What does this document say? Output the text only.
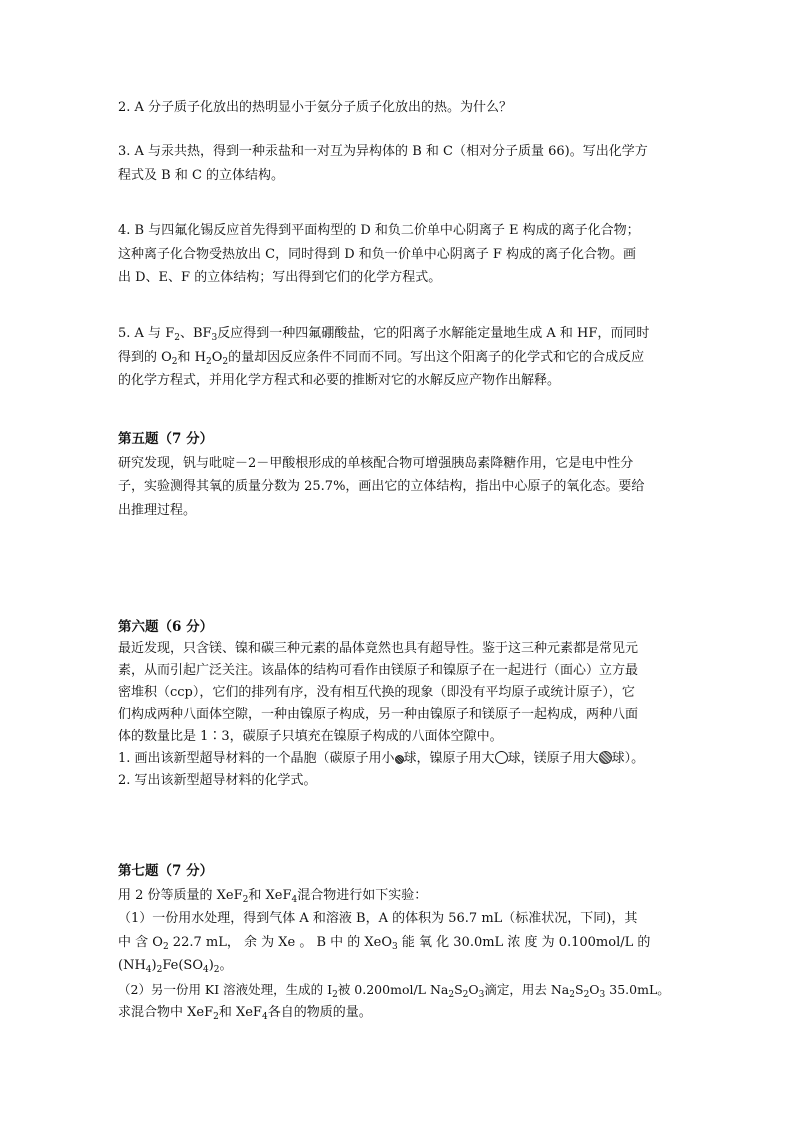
2. A 分子质子化放出的热明显小于氨分子质子化放出的热。为什么？
3. A 与汞共热，得到一种汞盐和一对互为异构体的 B 和 C（相对分子质量 66)。写出化学方
程式及 B 和 C 的立体结构。
4. B 与四氟化锡反应首先得到平面构型的 D 和负二价单中心阴离子 E 构成的离子化合物；
这种离子化合物受热放出 C，同时得到 D 和负一价单中心阴离子 F 构成的离子化合物。画
出 D、E、F 的立体结构；写出得到它们的化学方程式。
5. A 与 $F_2$、$BF_3$反应得到一种四氟硼酸盐，它的阳离子水解能定量地生成 A 和 HF，而同时
得到的 $O_2$和 $H_2O_2$的量却因反应条件不同而不同。写出这个阳离子的化学式和它的合成反应
的化学方程式，并用化学方程式和必要的推断对它的水解反应产物作出解释。
第五题（7 分）
研究发现，钒与吡啶－2－甲酸根形成的单核配合物可增强胰岛素降糖作用，它是电中性分
子，实验测得其氧的质量分数为 25.7%，画出它的立体结构，指出中心原子的氧化态。要给
出推理过程。
第六题（6 分）
最近发现，只含镁、镍和碳三种元素的晶体竟然也具有超导性。鉴于这三种元素都是常见元
素，从而引起广泛关注。该晶体的结构可看作由镁原子和镍原子在一起进行（面心）立方最
密堆积（ccp），它们的排列有序，没有相互代换的现象（即没有平均原子或统计原子），它
们构成两种八面体空隙，一种由镍原子构成，另一种由镍原子和镁原子一起构成，两种八面
体的数量比是 1∶3，碳原子只填充在镍原子构成的八面体空隙中。
1. 画出该新型超导材料的一个晶胞（碳原子用小 球，镍原子用大 球，镁原子用大 球）。
2. 写出该新型超导材料的化学式。
第七题（7 分）
用 2 份等质量的 XeF$_2$和 XeF$_4$混合物进行如下实验：
（1）一份用水处理，得到气体 A 和溶液 B，A 的体积为 56.7 mL（标准状况，下同)，其
中 含 $O_2$ 22.7 mL， 余 为 Xe 。 B 中 的 XeO$_3$ 能 氧 化 30.0mL 浓 度 为 0.100mol/L 的
$(NH_4)_2Fe(SO_4)_2$。
（2）另一份用 KI 溶液处理，生成的 $I_2$被 0.200mol/L $Na_2S_2O_3$滴定，用去 $Na_2S_2O_3$ 35.0mL。
求混合物中 XeF$_2$和 XeF$_4$各自的物质的量。
